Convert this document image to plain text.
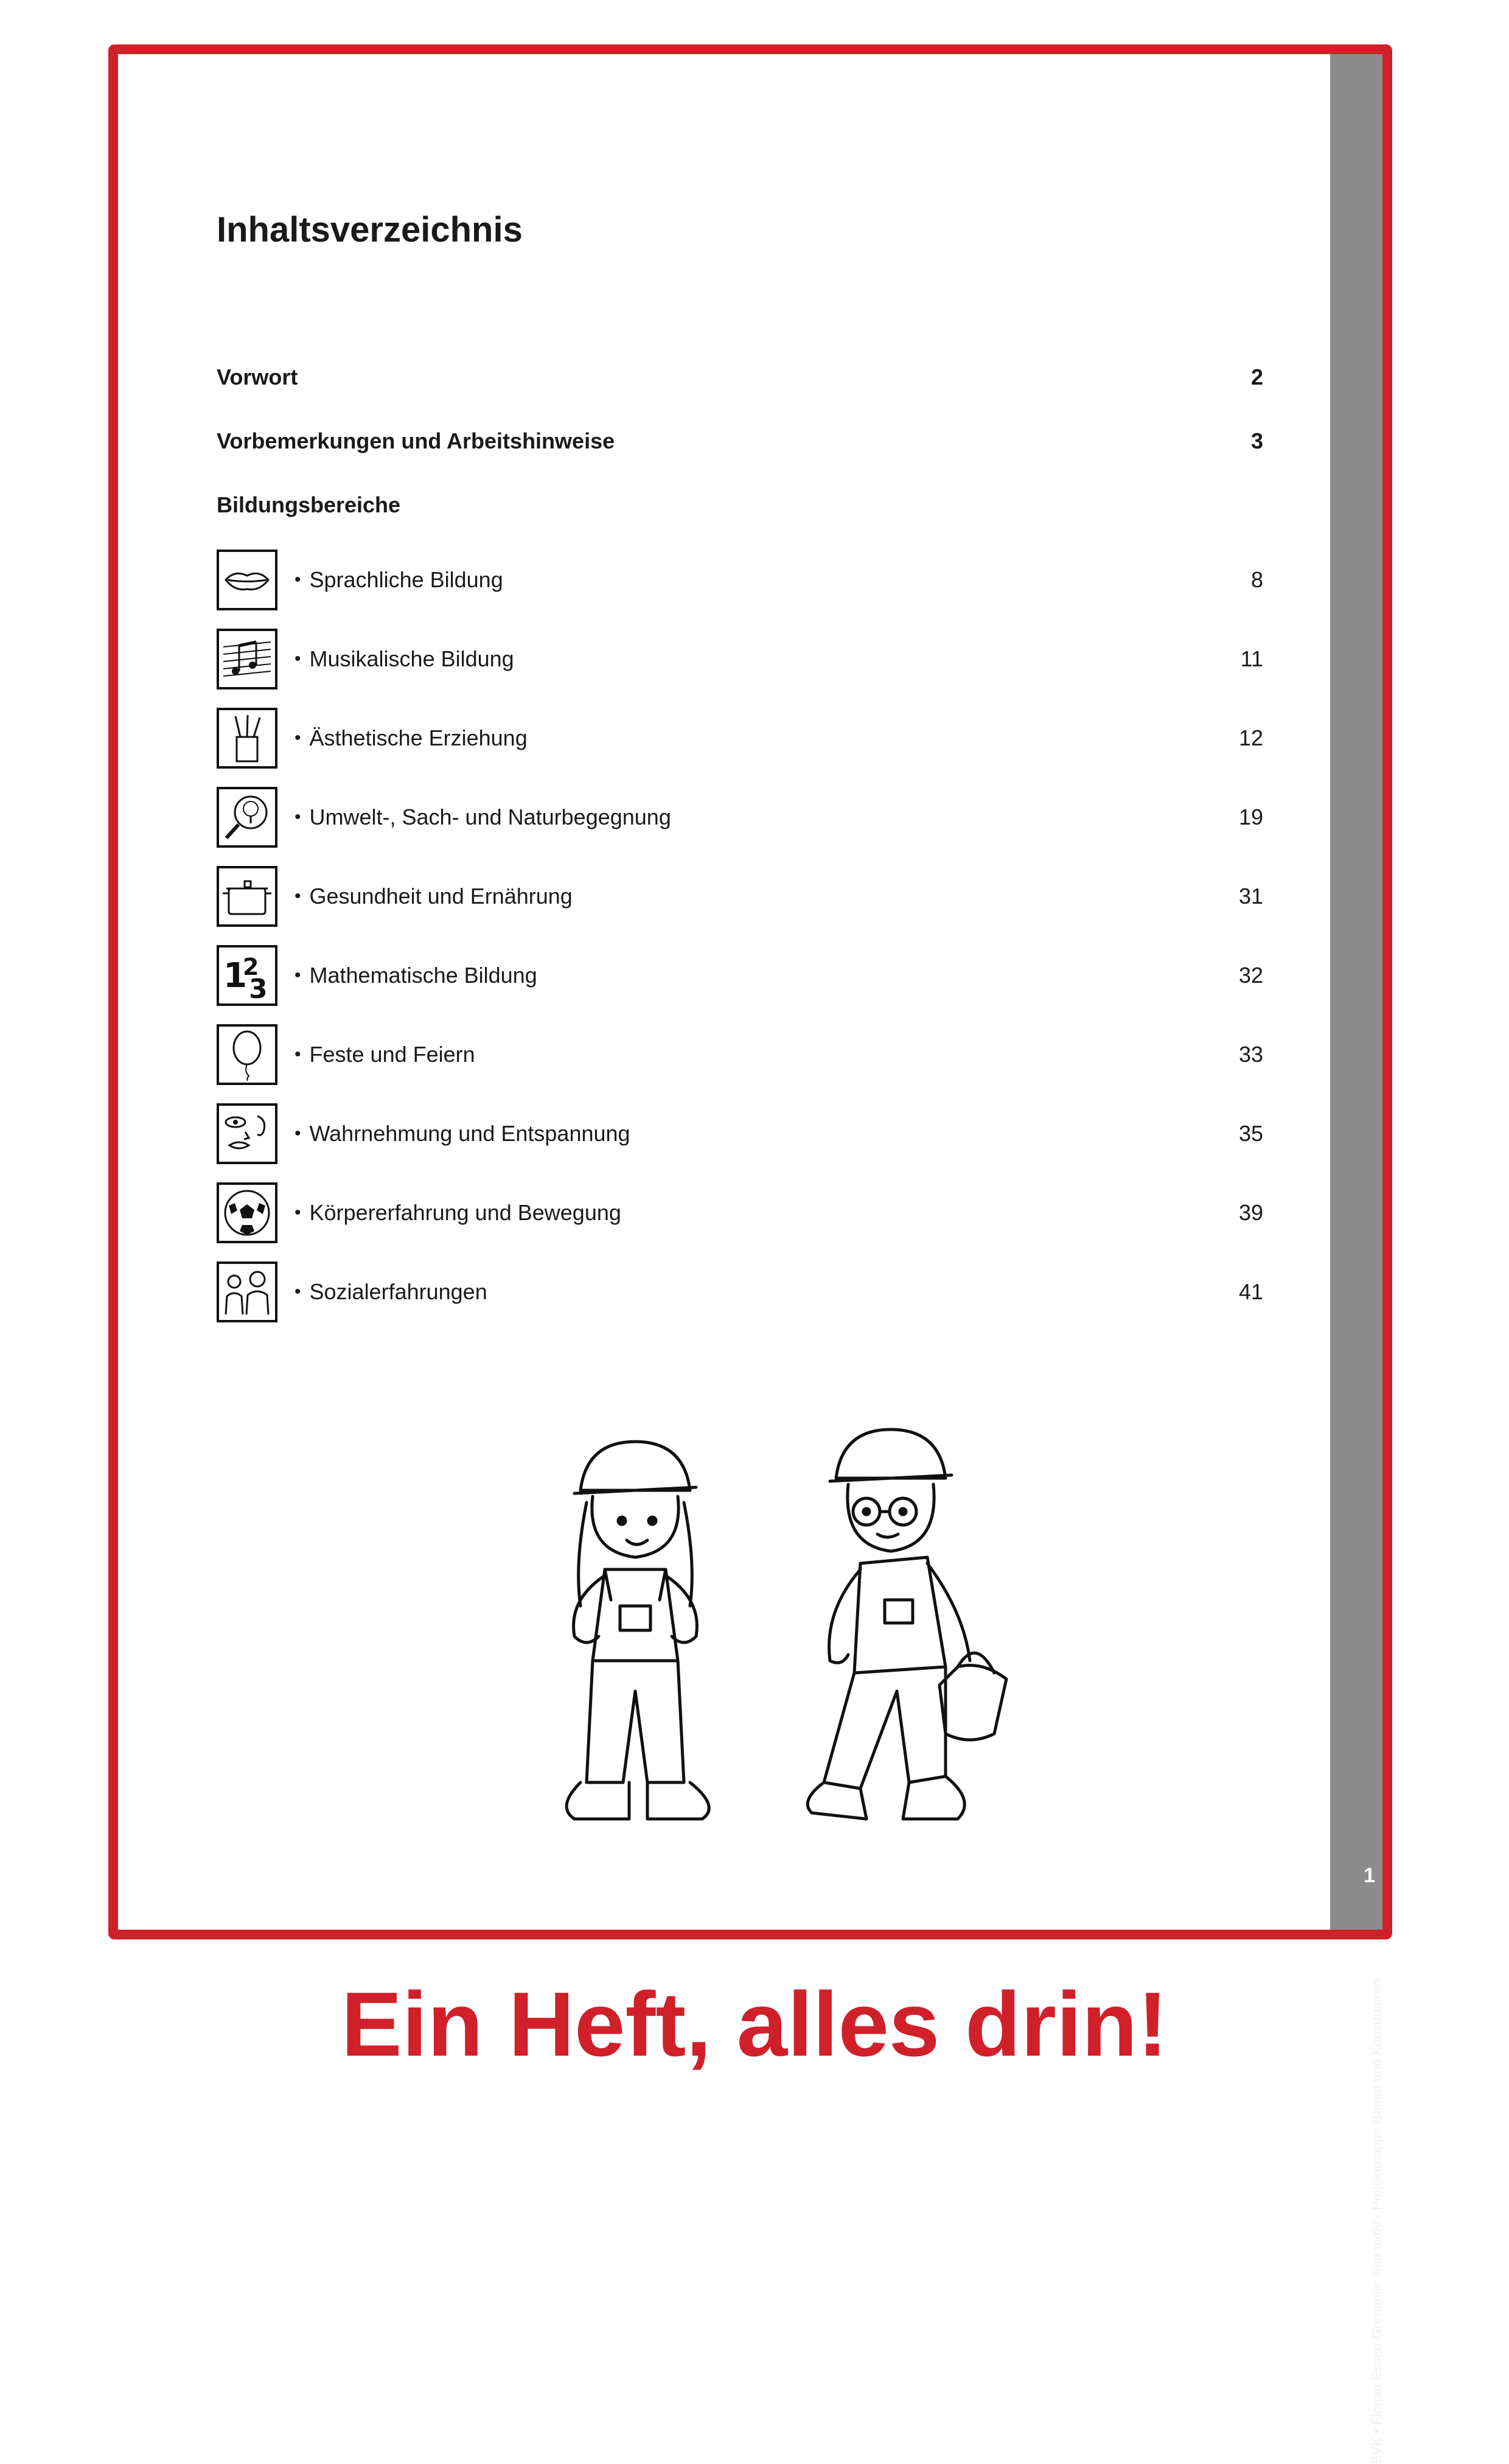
BVK • Florian Essen-Grenadie: Kita aktiv · Projektmappe Bauen und Konstruieren
1
Inhaltsverzeichnis
Vorwort	2
Vorbemerkungen und Arbeitshinweise	3
Bildungsbereiche
• Sprachliche Bildung	8
• Musikalische Bildung	11
• Ästhetische Erziehung	12
• Umwelt-, Sach- und Naturbegegnung	19
• Gesundheit und Ernährung	31
1
2
3 • Mathematische Bildung	32
• Feste und Feiern	33
• Wahrnehmung und Entspannung	35
• Körpererfahrung und Bewegung	39
• Sozialerfahrungen	41
Ein Heft, alles drin!
